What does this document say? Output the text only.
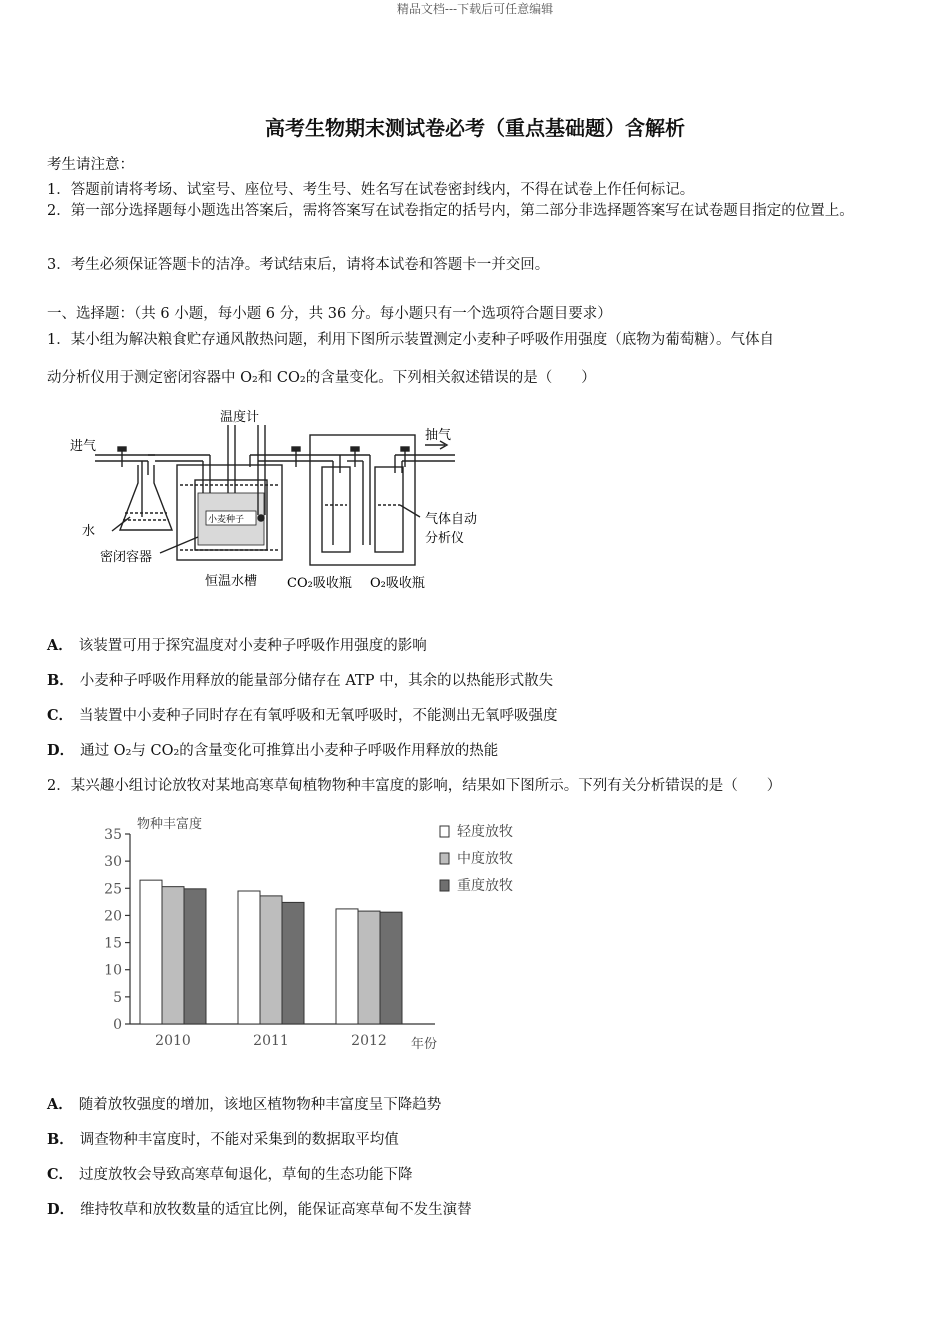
精品文档---下载后可任意编辑
高考生物期末测试卷必考（重点基础题）含解析
考生请注意：
1．答题前请将考场、试室号、座位号、考生号、姓名写在试卷密封线内，不得在试卷上作任何标记。
2．第一部分选择题每小题选出答案后，需将答案写在试卷指定的括号内，第二部分非选择题答案写在试卷题目指定的位置上。
3．考生必须保证答题卡的洁净。考试结束后，请将本试卷和答题卡一并交回。
一、选择题：（共 6 小题，每小题 6 分，共 36 分。每小题只有一个选项符合题目要求）
1．某小组为解决粮食贮存通风散热问题，利用下图所示装置测定小麦种子呼吸作用强度（底物为葡萄糖）。气体自
动分析仪用于测定密闭容器中 O₂和 CO₂的含量变化。下列相关叙述错误的是（　　）
进气
温度计
抽气
水
小麦种子
密闭容器
恒温水槽
气体自动
分析仪
CO₂吸收瓶 O₂吸收瓶
A． 该装置可用于探究温度对小麦种子呼吸作用强度的影响
B． 小麦种子呼吸作用释放的能量部分储存在 ATP 中，其余的以热能形式散失
C． 当装置中小麦种子同时存在有氧呼吸和无氧呼吸时，不能测出无氧呼吸强度
D． 通过 O₂与 CO₂的含量变化可推算出小麦种子呼吸作用释放的热能
2．某兴趣小组讨论放牧对某地高寒草甸植物物种丰富度的影响，结果如下图所示。下列有关分析错误的是（　　）
物种丰富度
年份
0
5
10
15
20
25
30
35
2010	2011	2012
轻度放牧
中度放牧
重度放牧
A． 随着放牧强度的增加，该地区植物物种丰富度呈下降趋势
B． 调查物种丰富度时，不能对采集到的数据取平均值
C． 过度放牧会导致高寒草甸退化，草甸的生态功能下降
D． 维持牧草和放牧数量的适宜比例，能保证高寒草甸不发生演替
